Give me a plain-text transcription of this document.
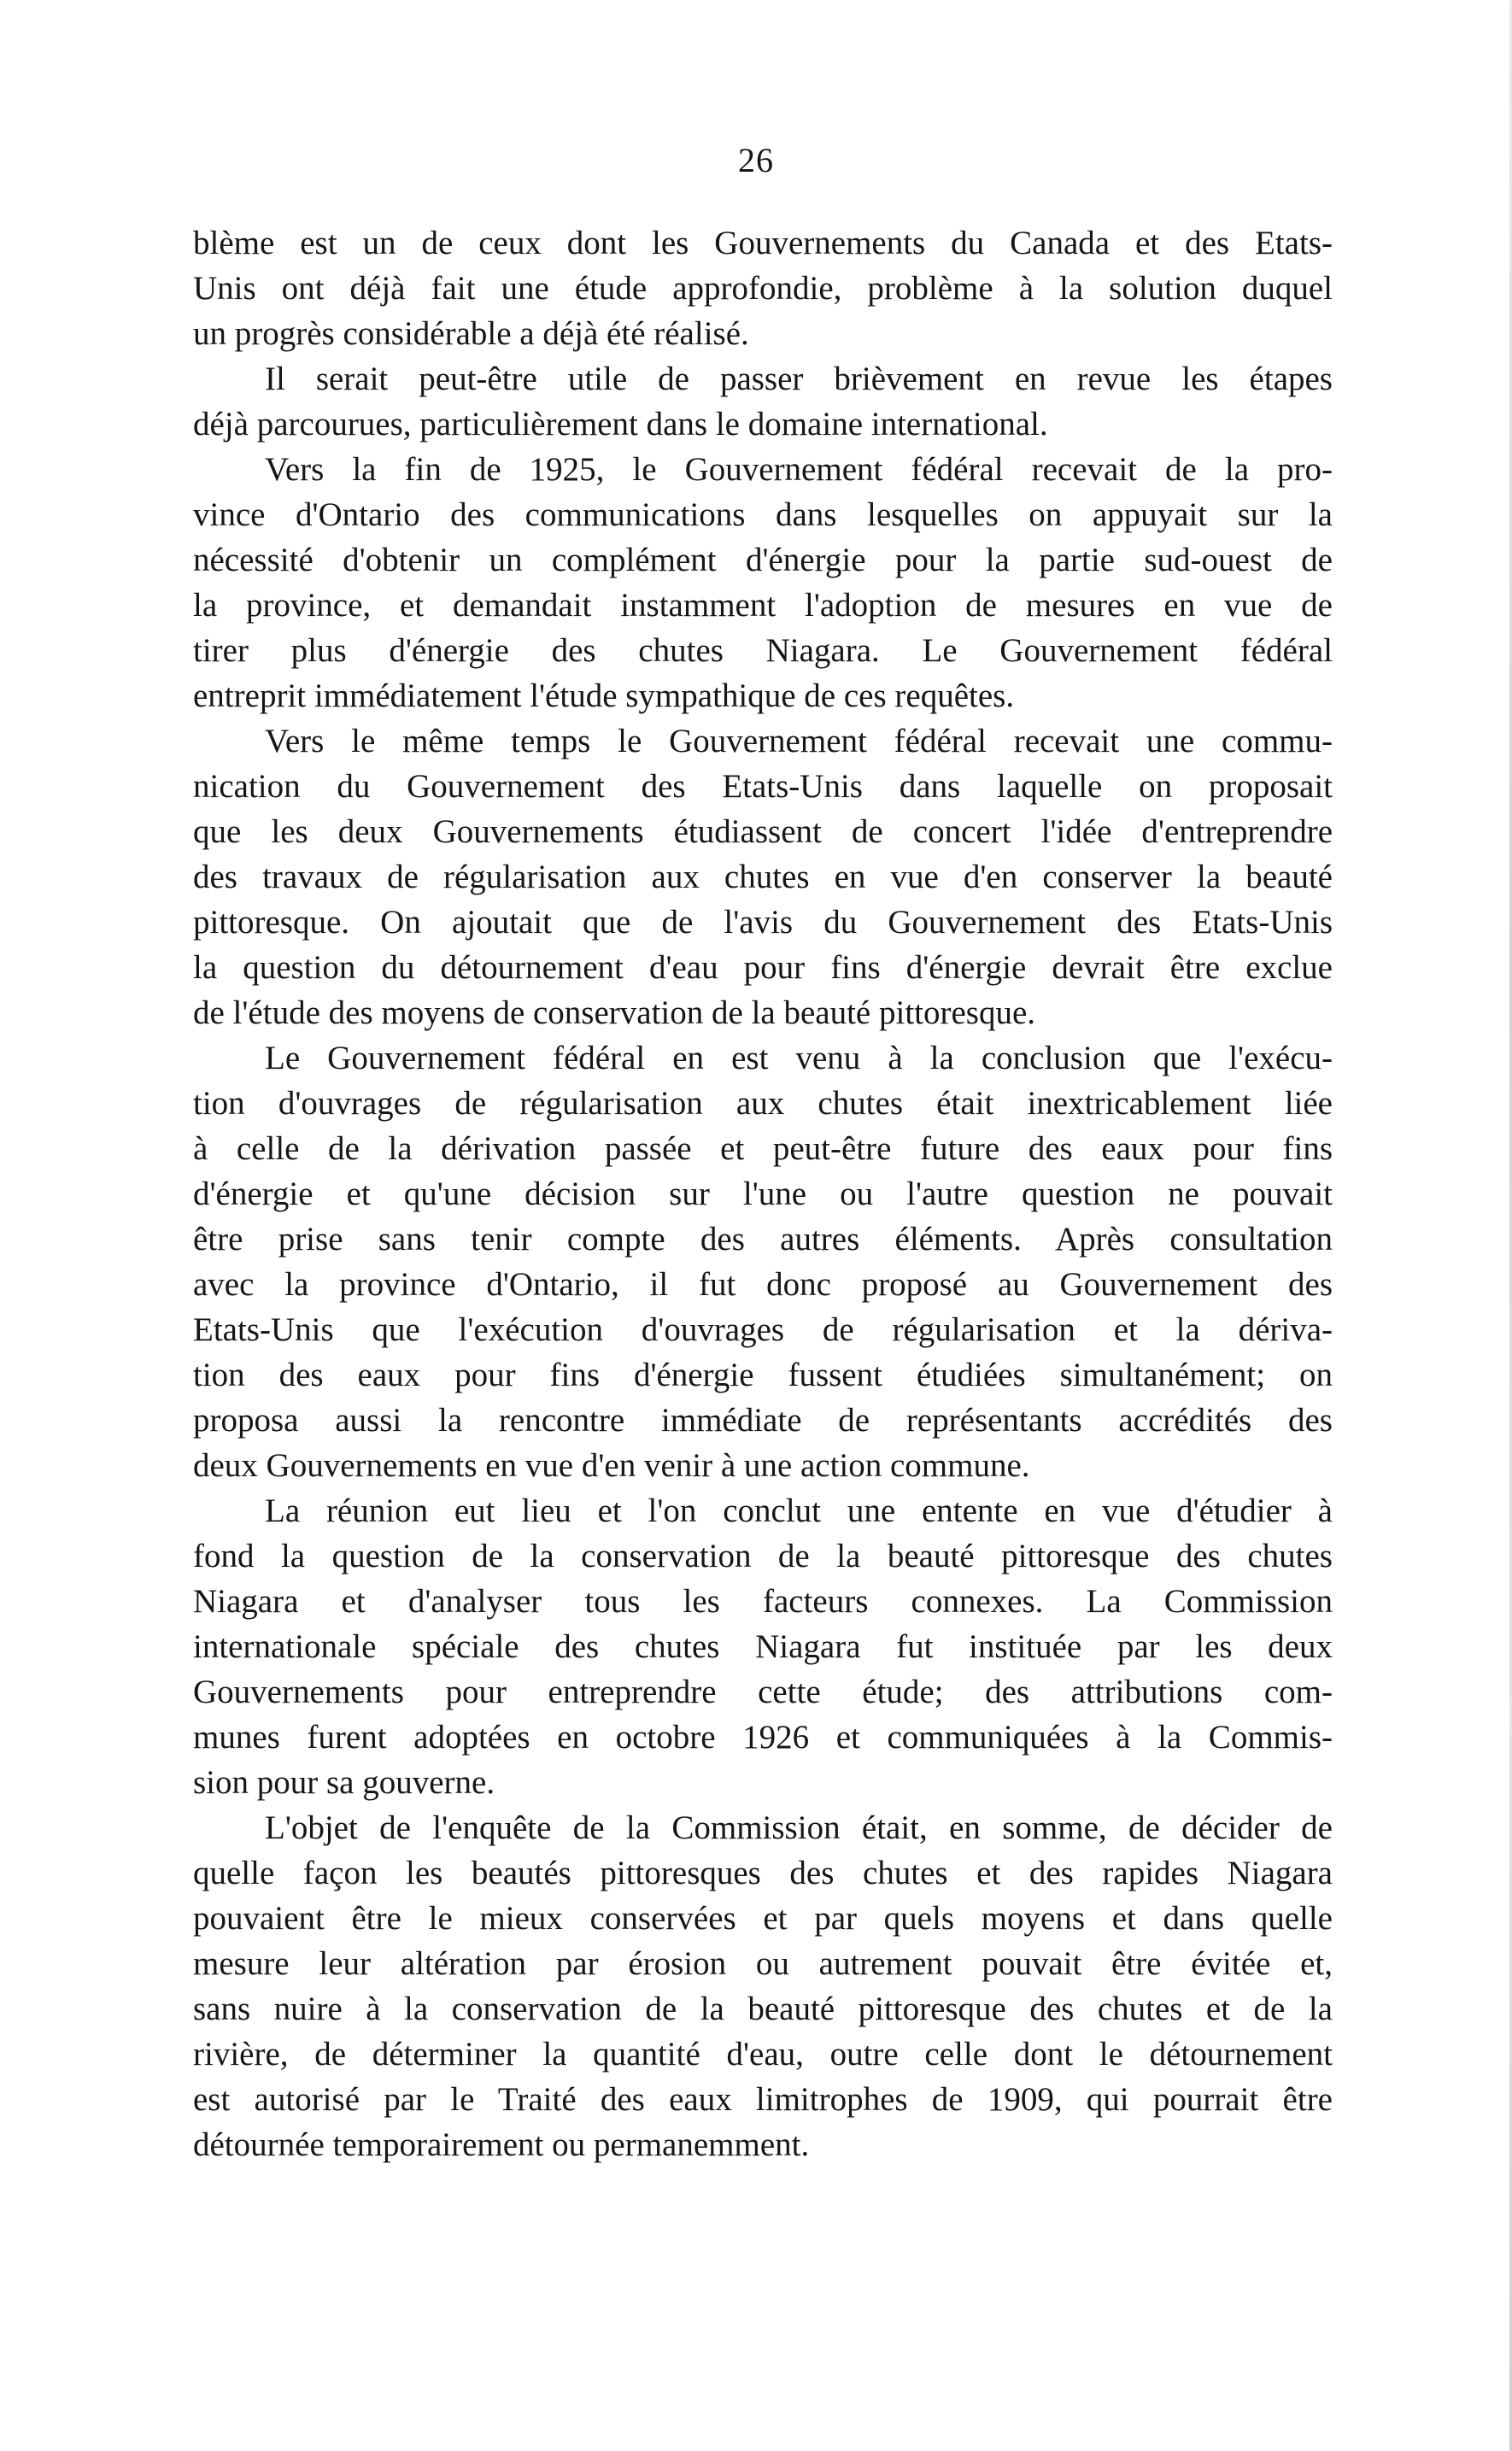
26
blème est un de ceux dont les Gouvernements du Canada et des Etats-
Unis ont déjà fait une étude approfondie, problème à la solution duquel
un progrès considérable a déjà été réalisé.
Il serait peut-être utile de passer brièvement en revue les étapes
déjà parcourues, particulièrement dans le domaine international.
Vers la fin de 1925, le Gouvernement fédéral recevait de la pro-
vince d'Ontario des communications dans lesquelles on appuyait sur la
nécessité d'obtenir un complément d'énergie pour la partie sud-ouest de
la province, et demandait instamment l'adoption de mesures en vue de
tirer plus d'énergie des chutes Niagara. Le Gouvernement fédéral
entreprit immédiatement l'étude sympathique de ces requêtes.
Vers le même temps le Gouvernement fédéral recevait une commu-
nication du Gouvernement des Etats-Unis dans laquelle on proposait
que les deux Gouvernements étudiassent de concert l'idée d'entreprendre
des travaux de régularisation aux chutes en vue d'en conserver la beauté
pittoresque. On ajoutait que de l'avis du Gouvernement des Etats-Unis
la question du détournement d'eau pour fins d'énergie devrait être exclue
de l'étude des moyens de conservation de la beauté pittoresque.
Le Gouvernement fédéral en est venu à la conclusion que l'exécu-
tion d'ouvrages de régularisation aux chutes était inextricablement liée
à celle de la dérivation passée et peut-être future des eaux pour fins
d'énergie et qu'une décision sur l'une ou l'autre question ne pouvait
être prise sans tenir compte des autres éléments. Après consultation
avec la province d'Ontario, il fut donc proposé au Gouvernement des
Etats-Unis que l'exécution d'ouvrages de régularisation et la dériva-
tion des eaux pour fins d'énergie fussent étudiées simultanément; on
proposa aussi la rencontre immédiate de représentants accrédités des
deux Gouvernements en vue d'en venir à une action commune.
La réunion eut lieu et l'on conclut une entente en vue d'étudier à
fond la question de la conservation de la beauté pittoresque des chutes
Niagara et d'analyser tous les facteurs connexes. La Commission
internationale spéciale des chutes Niagara fut instituée par les deux
Gouvernements pour entreprendre cette étude; des attributions com-
munes furent adoptées en octobre 1926 et communiquées à la Commis-
sion pour sa gouverne.
L'objet de l'enquête de la Commission était, en somme, de décider de
quelle façon les beautés pittoresques des chutes et des rapides Niagara
pouvaient être le mieux conservées et par quels moyens et dans quelle
mesure leur altération par érosion ou autrement pouvait être évitée et,
sans nuire à la conservation de la beauté pittoresque des chutes et de la
rivière, de déterminer la quantité d'eau, outre celle dont le détournement
est autorisé par le Traité des eaux limitrophes de 1909, qui pourrait être
détournée temporairement ou permanemment.
